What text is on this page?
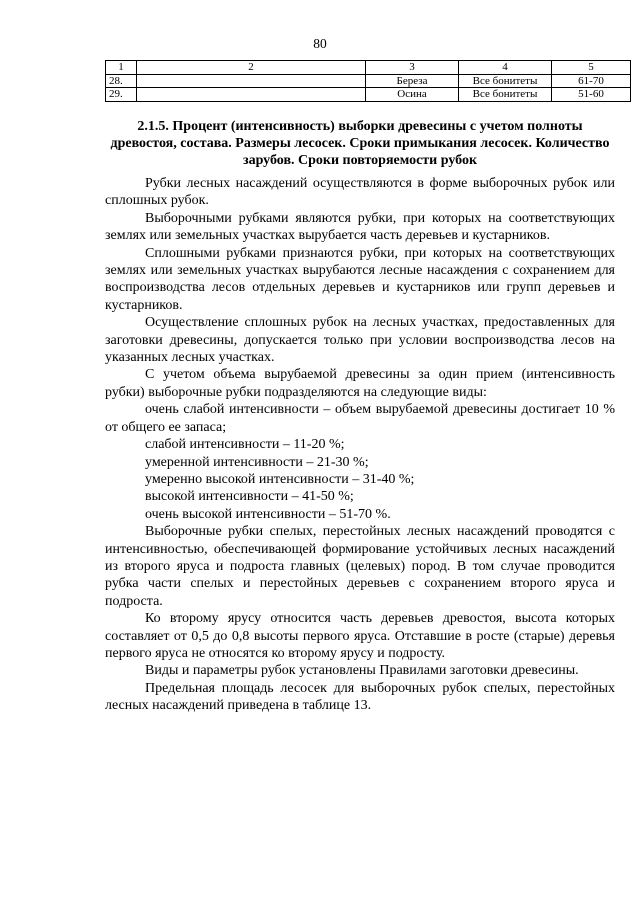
80
1	2	3	4	5
28.		Береза	Все бонитеты	61-70
29.		Осина	Все бонитеты	51-60
2.1.5. Процент (интенсивность) выборки древесины с учетом полноты древостоя, состава. Размеры лесосек. Сроки примыкания лесосек. Количество зарубов. Сроки повторяемости рубок

Рубки лесных насаждений осуществляются в форме выборочных рубок или сплошных рубок.

Выборочными рубками являются рубки, при которых на соответствующих землях или земельных участках вырубается часть деревьев и кустарников.

Сплошными рубками признаются рубки, при которых на соответствующих землях или земельных участках вырубаются лесные насаждения с сохранением для воспроизводства лесов отдельных деревьев и кустарников или групп деревьев и кустарников.

Осуществление сплошных рубок на лесных участках, предоставленных для заготовки древесины, допускается только при условии воспроизводства лесов на указанных лесных участках.

С учетом объема вырубаемой древесины за один прием (интенсивность рубки) выборочные рубки подразделяются на следующие виды:

очень слабой интенсивности – объем вырубаемой древесины достигает 10 % от общего ее запаса;

слабой интенсивности – 11-20 %;

умеренной интенсивности – 21-30 %;

умеренно высокой интенсивности – 31-40 %;

высокой интенсивности – 41-50 %;

очень высокой интенсивности – 51-70 %.

Выборочные рубки спелых, перестойных лесных насаждений проводятся с интенсивностью, обеспечивающей формирование устойчивых лесных насаждений из второго яруса и подроста главных (целевых) пород. В том случае проводится рубка части спелых и перестойных деревьев с сохранением второго яруса и подроста.

Ко второму ярусу относится часть деревьев древостоя, высота которых составляет от 0,5 до 0,8 высоты первого яруса. Отставшие в росте (старые) деревья первого яруса не относятся ко второму ярусу и подросту.

Виды и параметры рубок установлены Правилами заготовки древесины.

Предельная площадь лесосек для выборочных рубок спелых, перестойных лесных насаждений приведена в таблице 13.
